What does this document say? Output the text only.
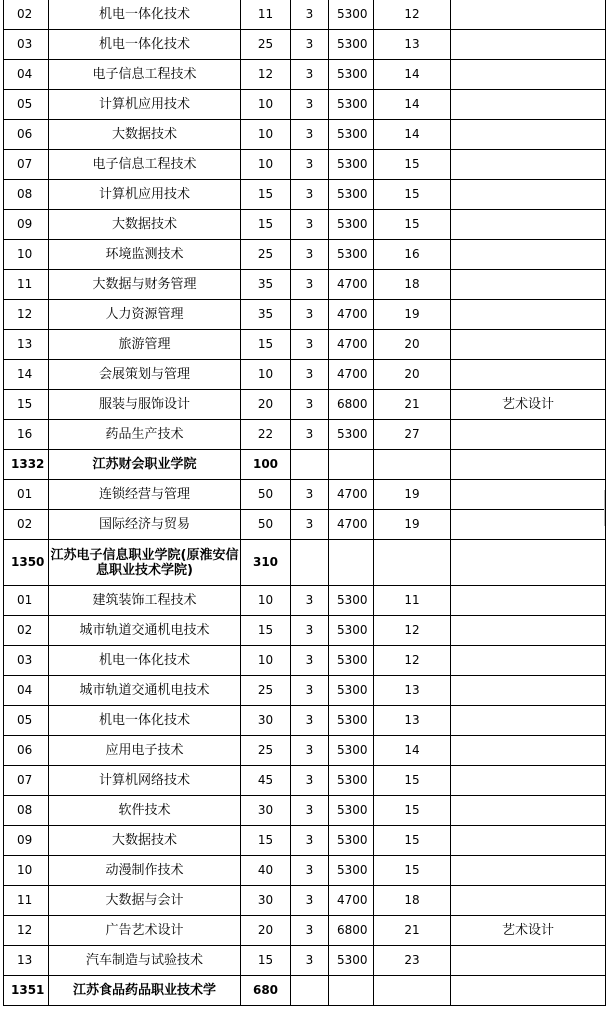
02	机电一体化技术	11	3	5300	12	
03	机电一体化技术	25	3	5300	13	
04	电子信息工程技术	12	3	5300	14	
05	计算机应用技术	10	3	5300	14	
06	大数据技术	10	3	5300	14	
07	电子信息工程技术	10	3	5300	15	
08	计算机应用技术	15	3	5300	15	
09	大数据技术	15	3	5300	15	
10	环境监测技术	25	3	5300	16	
11	大数据与财务管理	35	3	4700	18	
12	人力资源管理	35	3	4700	19	
13	旅游管理	15	3	4700	20	
14	会展策划与管理	10	3	4700	20	
15	服装与服饰设计	20	3	6800	21	艺术设计
16	药品生产技术	22	3	5300	27	
1332	江苏财会职业学院	100				
01	连锁经营与管理	50	3	4700	19	
02	国际经济与贸易	50	3	4700	19	
1350	江苏电子信息职业学院(原淮安信息职业技术学院)	310				
01	建筑装饰工程技术	10	3	5300	11	
02	城市轨道交通机电技术	15	3	5300	12	
03	机电一体化技术	10	3	5300	12	
04	城市轨道交通机电技术	25	3	5300	13	
05	机电一体化技术	30	3	5300	13	
06	应用电子技术	25	3	5300	14	
07	计算机网络技术	45	3	5300	15	
08	软件技术	30	3	5300	15	
09	大数据技术	15	3	5300	15	
10	动漫制作技术	40	3	5300	15	
11	大数据与会计	30	3	4700	18	
12	广告艺术设计	20	3	6800	21	艺术设计
13	汽车制造与试验技术	15	3	5300	23	
1351	江苏食品药品职业技术学	680				
